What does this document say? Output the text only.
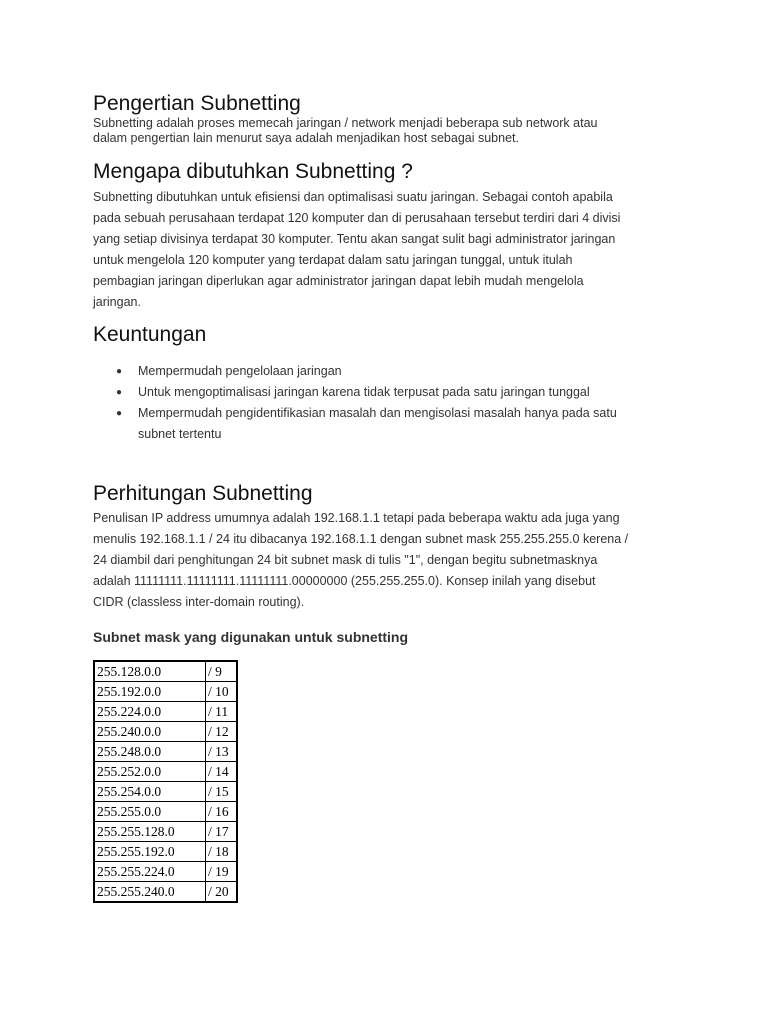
Pengertian Subnetting

Subnetting adalah proses memecah jaringan / network menjadi beberapa sub network atau

dalam pengertian lain menurut saya adalah menjadikan host sebagai subnet.

Mengapa dibutuhkan Subnetting ?

Subnetting dibutuhkan untuk efisiensi dan optimalisasi suatu jaringan. Sebagai contoh apabila

pada sebuah perusahaan terdapat 120 komputer dan di perusahaan tersebut terdiri dari 4 divisi

yang setiap divisinya terdapat 30 komputer. Tentu akan sangat sulit bagi administrator jaringan

untuk mengelola 120 komputer yang terdapat dalam satu jaringan tunggal, untuk itulah

pembagian jaringan diperlukan agar administrator jaringan dapat lebih mudah mengelola

jaringan.

Keuntungan
● Mempermudah pengelolaan jaringan
● Untuk mengoptimalisasi jaringan karena tidak terpusat pada satu jaringan tunggal
● Mempermudah pengidentifikasian masalah dan mengisolasi masalah hanya pada satu
subnet tertentu
Perhitungan Subnetting

Penulisan IP address umumnya adalah 192.168.1.1 tetapi pada beberapa waktu ada juga yang

menulis 192.168.1.1 / 24 itu dibacanya 192.168.1.1 dengan subnet mask 255.255.255.0 kerena /

24 diambil dari penghitungan 24 bit subnet mask di tulis "1", dengan begitu subnetmasknya

adalah 11111111.11111111.11111111.00000000 (255.255.255.0). Konsep inilah yang disebut

CIDR (classless inter-domain routing).

Subnet mask yang digunakan untuk subnetting

255.128.0.0	/ 9
255.192.0.0	/ 10
255.224.0.0	/ 11
255.240.0.0	/ 12
255.248.0.0	/ 13
255.252.0.0	/ 14
255.254.0.0	/ 15
255.255.0.0	/ 16
255.255.128.0	/ 17
255.255.192.0	/ 18
255.255.224.0	/ 19
255.255.240.0	/ 20
